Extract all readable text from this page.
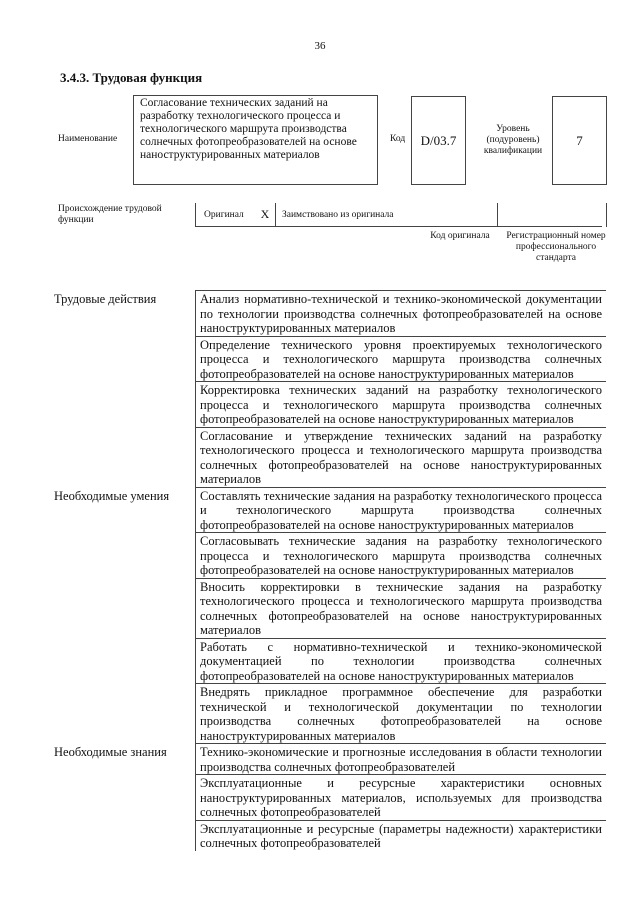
36
3.4.3. Трудовая функция
Наименование
Согласование технических заданий на разработку технологического процесса и технологического маршрута производства солнечных фотопреобразователей на основе наноструктурированных материалов
Код	D/03.7
Уровень (подуровень) квалификации
7
Происхождение трудовой функции
Оригинал	X	Заимствовано из оригинала
Код оригинала Регистрационный номер профессионального стандарта
Трудовые действия	Анализ нормативно-технической и технико-экономической документации по технологии производства солнечных фотопреобразователей на основе наноструктурированных материалов
Определение технического уровня проектируемых технологического процесса и технологического маршрута производства солнечных фотопреобразователей на основе наноструктурированных материалов
Корректировка технических заданий на разработку технологического процесса и технологического маршрута производства солнечных фотопреобразователей на основе наноструктурированных материалов
Согласование и утверждение технических заданий на разработку технологического процесса и технологического маршрута производства солнечных фотопреобразователей на основе наноструктурированных материалов
Необходимые умения	Составлять технические задания на разработку технологического процесса и технологического маршрута производства солнечных фотопреобразователей на основе наноструктурированных материалов
Согласовывать технические задания на разработку технологического процесса и технологического маршрута производства солнечных фотопреобразователей на основе наноструктурированных материалов
Вносить корректировки в технические задания на разработку технологического процесса и технологического маршрута производства солнечных фотопреобразователей на основе наноструктурированных материалов
Работать с нормативно-технической и технико-экономической документацией по технологии производства солнечных фотопреобразователей на основе наноструктурированных материалов
Внедрять прикладное программное обеспечение для разработки технической и технологической документации по технологии производства солнечных фотопреобразователей на основе наноструктурированных материалов
Необходимые знания	Технико-экономические и прогнозные исследования в области технологии производства солнечных фотопреобразователей
Эксплуатационные и ресурсные характеристики основных наноструктурированных материалов, используемых для производства солнечных фотопреобразователей
Эксплуатационные и ресурсные (параметры надежности) характеристики солнечных фотопреобразователей
